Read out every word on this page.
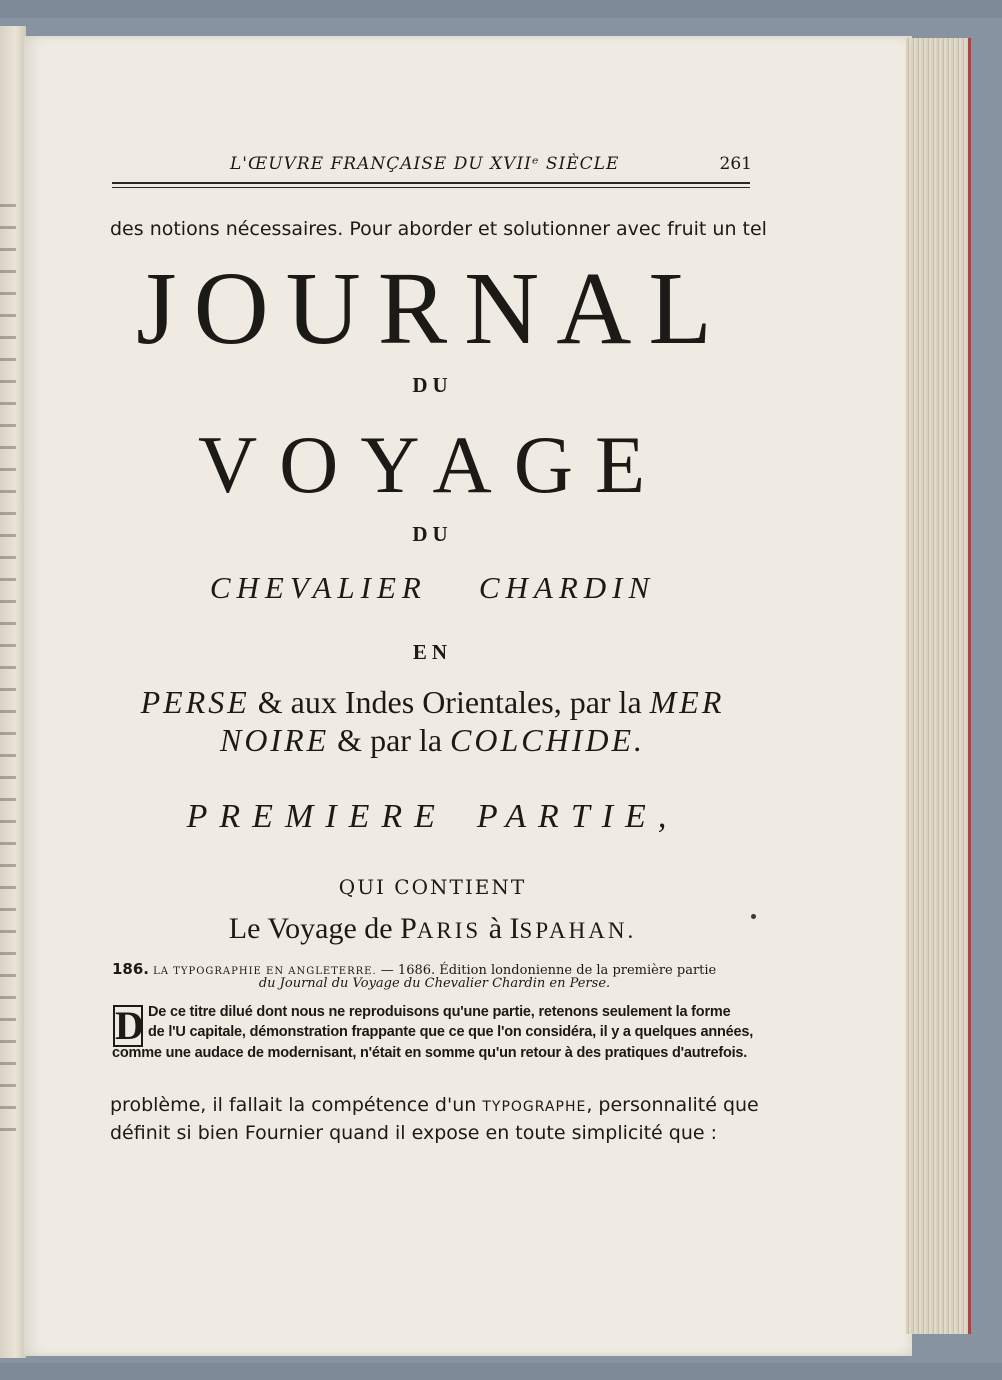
L'ŒUVRE FRANÇAISE DU XVIIᵉ SIÈCLE	261
des notions nécessaires. Pour aborder et solutionner avec fruit un tel
JOURNAL
DU
VOYAGE
DU
CHEVALIER CHARDIN
EN
PERSE & aux Indes Orientales, par la MER
NOIRE & par la COLCHIDE.
PREMIERE PARTIE,
QUI CONTIENT
Le Voyage de PARIS à ISPAHAN.
186. LA TYPOGRAPHIE EN ANGLETERRE. — 1686. Édition londonienne de la première partie
du Journal du Voyage du Chevalier Chardin en Perse.
D De ce titre dilué dont nous ne reproduisons qu'une partie, retenons seulement la forme
de l'U capitale, démonstration frappante que ce que l'on considéra, il y a quelques années,
comme une audace de modernisant, n'était en somme qu'un retour à des pratiques d'autrefois.
problème, il fallait la compétence d'un TYPOGRAPHE, personnalité que
définit si bien Fournier quand il expose en toute simplicité que :
